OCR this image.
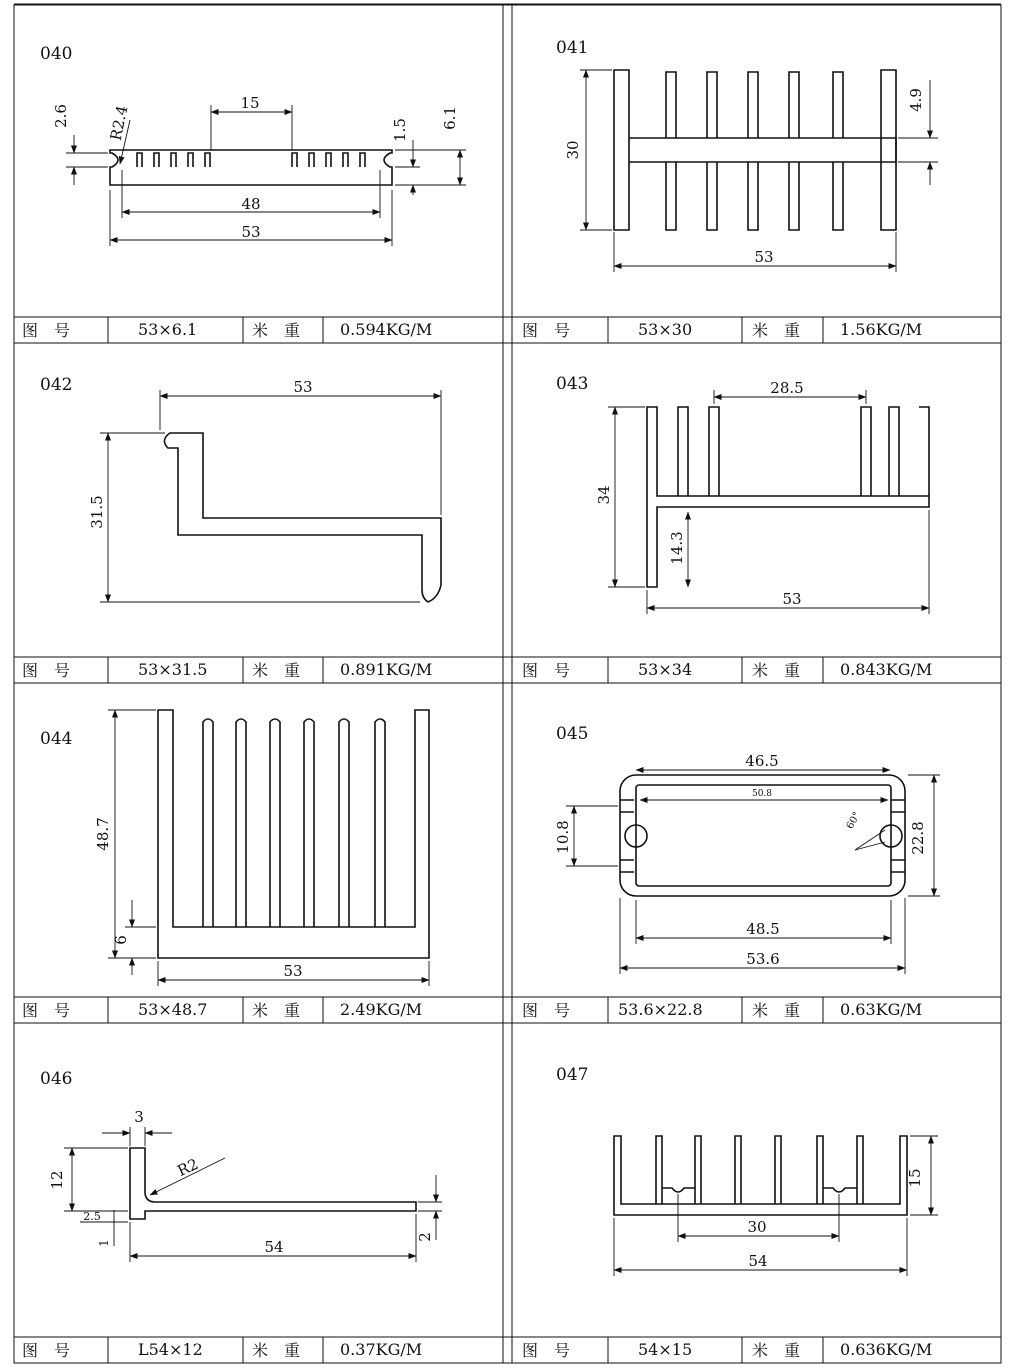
图　号	53×6.1	米　重 0.594KG/M	图　号	53×30	米　重 1.56KG/M
图　号	53×31.5	米　重 0.891KG/M	图　号	53×34	米　重 0.843KG/M
图　号	53×48.7	米　重 2.49KG/M	图　号	53.6×22.8	米　重 0.63KG/M
图　号	L54×12	米　重 0.37KG/M	图　号	54×15	米　重 0.636KG/M
040
53
48
15
6.1
1.5
2.6 R2.4
041
30
53
4.9
042	53
31.5
043
34
53
28.5
14.3
044
48.7
6
53
045
46.5
50.8
48.5
53.6
22.8
10.8	60°
046
3
12	R2
2.5
1	54
2
047
30
54
15
